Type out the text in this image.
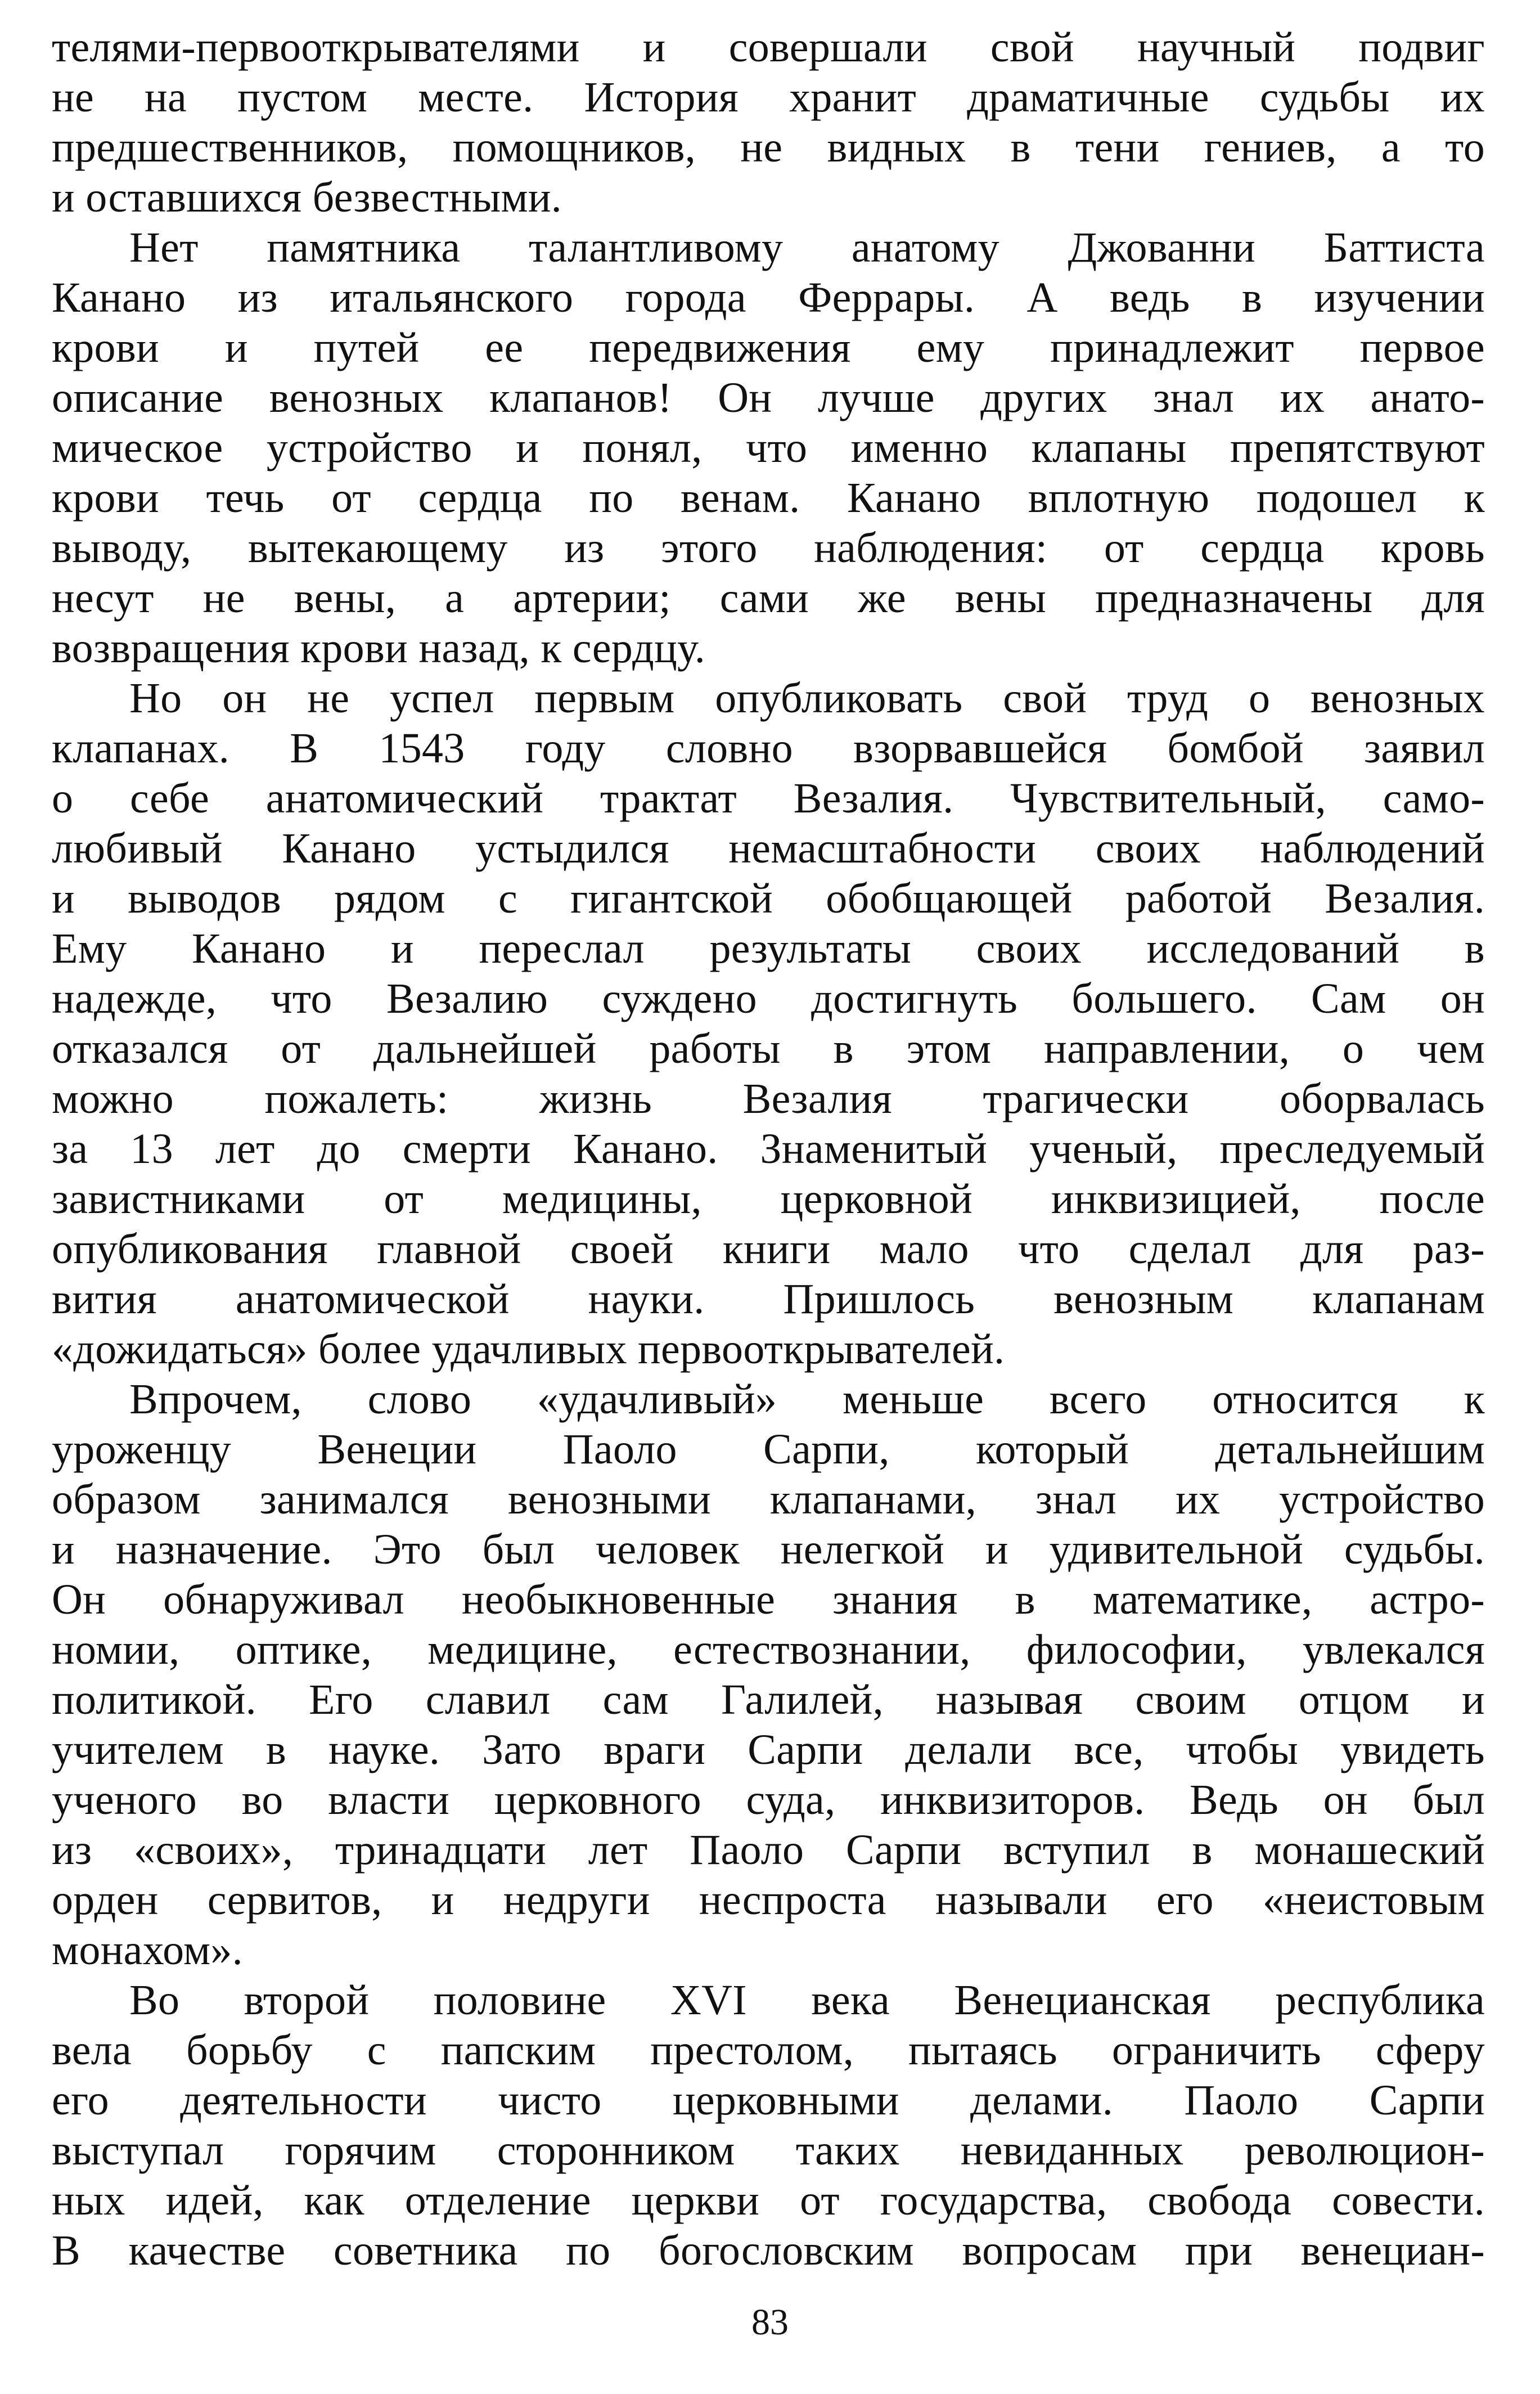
телями-первооткрывателями и совершали свой научный подвиг
не на пустом месте. История хранит драматичные судьбы их
предшественников, помощников, не видных в тени гениев, а то
и оставшихся безвестными.
Нет памятника талантливому анатому Джованни Баттиста
Канано из итальянского города Феррары. А ведь в изучении
крови и путей ее передвижения ему принадлежит первое
описание венозных клапанов! Он лучше других знал их анато-
мическое устройство и понял, что именно клапаны препятствуют
крови течь от сердца по венам. Канано вплотную подошел к
выводу, вытекающему из этого наблюдения: от сердца кровь
несут не вены, а артерии; сами же вены предназначены для
возвращения крови назад, к сердцу.
Но он не успел первым опубликовать свой труд о венозных
клапанах. В 1543 году словно взорвавшейся бомбой заявил
о себе анатомический трактат Везалия. Чувствительный, само-
любивый Канано устыдился немасштабности своих наблюдений
и выводов рядом с гигантской обобщающей работой Везалия.
Ему Канано и переслал результаты своих исследований в
надежде, что Везалию суждено достигнуть большего. Сам он
отказался от дальнейшей работы в этом направлении, о чем
можно пожалеть: жизнь Везалия трагически оборвалась
за 13 лет до смерти Канано. Знаменитый ученый, преследуемый
завистниками от медицины, церковной инквизицией, после
опубликования главной своей книги мало что сделал для раз-
вития анатомической науки. Пришлось венозным клапанам
«дожидаться» более удачливых первооткрывателей.
Впрочем, слово «удачливый» меньше всего относится к
уроженцу Венеции Паоло Сарпи, который детальнейшим
образом занимался венозными клапанами, знал их устройство
и назначение. Это был человек нелегкой и удивительной судьбы.
Он обнаруживал необыкновенные знания в математике, астро-
номии, оптике, медицине, естествознании, философии, увлекался
политикой. Его славил сам Галилей, называя своим отцом и
учителем в науке. Зато враги Сарпи делали все, чтобы увидеть
ученого во власти церковного суда, инквизиторов. Ведь он был
из «своих», тринадцати лет Паоло Сарпи вступил в монашеский
орден сервитов, и недруги неспроста называли его «неистовым
монахом».
Во второй половине XVI века Венецианская республика
вела борьбу с папским престолом, пытаясь ограничить сферу
его деятельности чисто церковными делами. Паоло Сарпи
выступал горячим сторонником таких невиданных революцион-
ных идей, как отделение церкви от государства, свобода совести.
В качестве советника по богословским вопросам при венециан-
83
